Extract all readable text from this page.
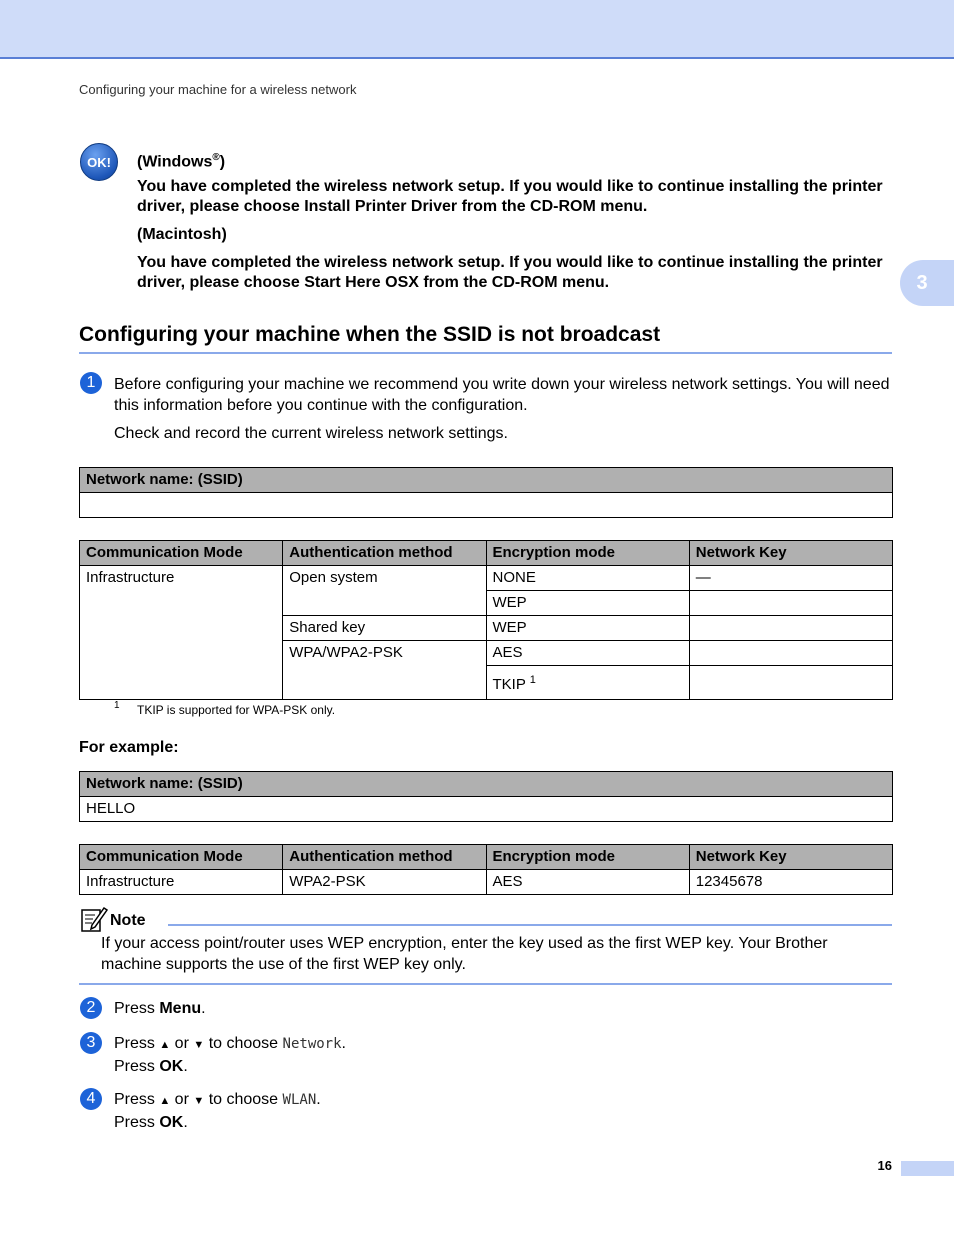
Configuring your machine for a wireless network
3
OK! (Windows®)

You have completed the wireless network setup. If you would like to continue installing the printer driver, please choose Install Printer Driver from the CD-ROM menu.

(Macintosh)

You have completed the wireless network setup. If you would like to continue installing the printer driver, please choose Start Here OSX from the CD-ROM menu.

Configuring your machine when the SSID is not broadcast
1	Before configuring your machine we recommend you write down your wireless network settings. You will need this information before you continue with the configuration.

Check and record the current wireless network settings.

Network name: (SSID)

Communication Mode	Authentication method	Encryption mode	Network Key
Infrastructure	Open system	NONE	—
		WEP	
	Shared key	WEP	
	WPA/WPA2-PSK	AES	
		TKIP $^1$	
1 TKIP is supported for WPA-PSK only.
For example:
Network name: (SSID)
HELLO
Communication Mode	Authentication method	Encryption mode	Network Key
Infrastructure	WPA2-PSK	AES	12345678
Note
If your access point/router uses WEP encryption, enter the key used as the first WEP key. Your Brother machine supports the use of the first WEP key only.
2	Press Menu.

3	Press ▲ or ▼ to choose Network.

Press OK.

4	Press ▲ or ▼ to choose WLAN.

Press OK.

16
